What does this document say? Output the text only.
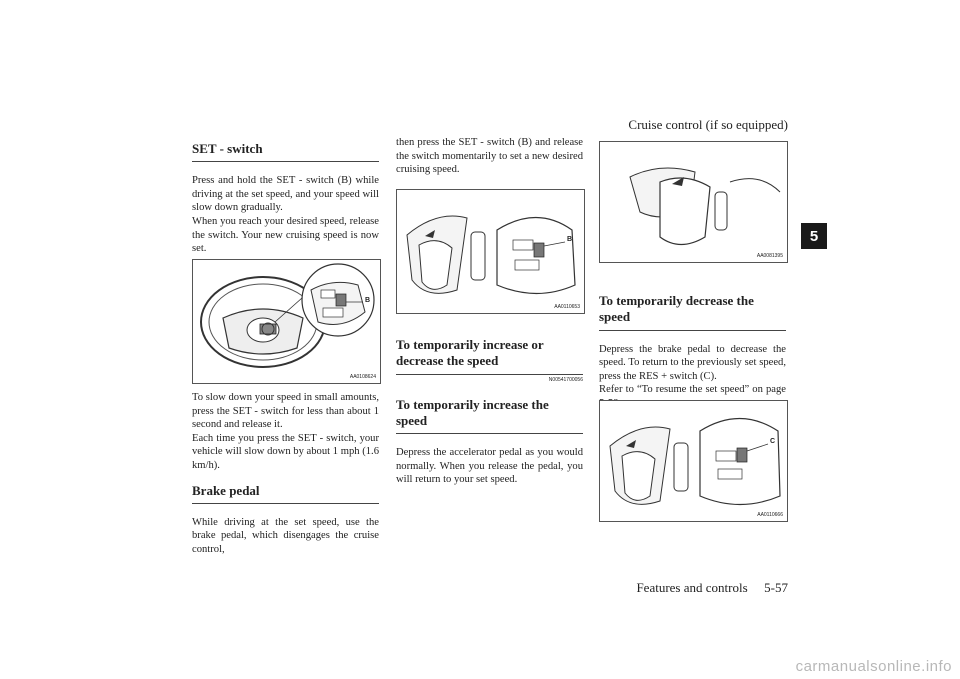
Cruise control (if so equipped)
5
SET - switch

Press and hold the SET - switch (B) while driving at the set speed, and your speed will slow down gradually.

When you reach your desired speed, release the switch. Your new cruising speed is now set.

B
AA0108624

To slow down your speed in small amounts, press the SET - switch for less than about 1 second and release it.

Each time you press the SET - switch, your vehicle will slow down by about 1 mph (1.6 km/h).

Brake pedal

While driving at the set speed, use the brake pedal, which disengages the cruise control,

then press the SET - switch (B) and release the switch momentarily to set a new desired cruising speed.

B
AA0110653
To temporarily increase or decrease the speed
N00541700056
To temporarily increase the speed

Depress the accelerator pedal as you would normally. When you release the pedal, you will return to your set speed.

AA0081395
To temporarily decrease the speed

Depress the brake pedal to decrease the speed. To return to the previously set speed, press the RES + switch (C).

Refer to “To resume the set speed” on page

C
AA0110666
Features and controls 5-57
carmanualsonline.info
